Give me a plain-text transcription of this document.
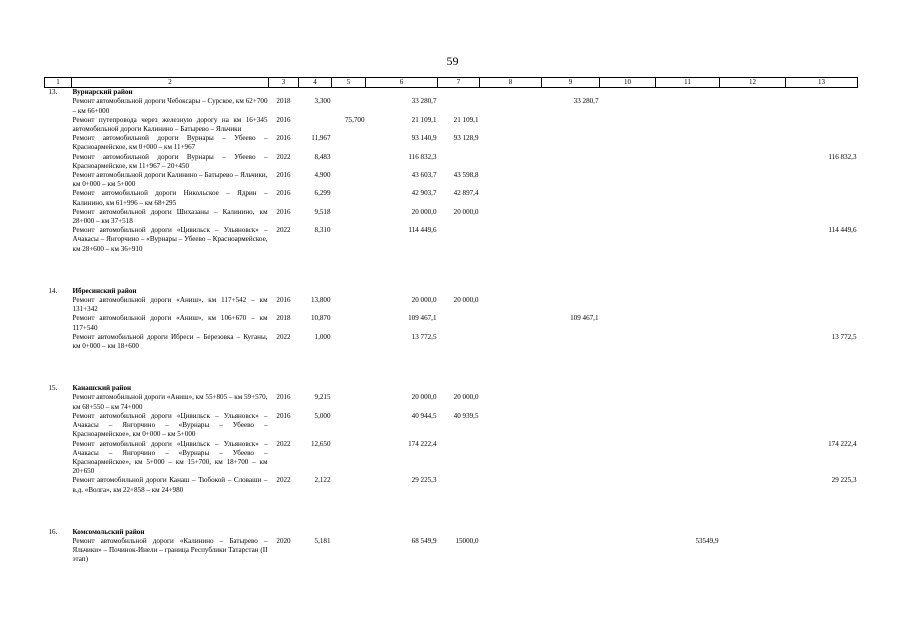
59
1	2	3	4	5	6	7	8	9	10	11	12	13
13.	Вурнарский район											
	Ремонт автомобильной дороги Чебоксары – Сурское, км 62+700 – км 66+000	2018	3,300		33 280,7			33 280,7				
	Ремонт путепровода через железную дорогу на км 16+345 автомобильной дороги Калинино – Батырево – Яльчики	2016		75,700	21 109,1	21 109,1						
	Ремонт автомобильной дороги Вурнары – Убеево – Красноармейское, км 0+000 – км 11+967	2016	11,967		93 140,9	93 128,9						
	Ремонт автомобильной дороги Вурнары – Убеево – Красноармейское, км 11+967 – 20+450	2022	8,483		116 832,3							116 832,3
	Ремонт автомобильной дороги Калинино – Батырево – Яльчики, км 0+000 – км 5+000	2016	4,900		43 603,7	43 598,8						
	Ремонт автомобильной дороги Никольское – Ядрин – Калинино, км 61+996 – км 68+295	2016	6,299		42 903,7	42 897,4						
	Ремонт автомобильной дороги Шихазаны – Калинино, км 28+000 – км 37+518	2016	9,518		20 000,0	20 000,0						
	Ремонт автомобильной дороги «Цивильск – Ульяновск» – Ачакасы – Янгорчино – «Вурнары – Убеево – Красноармейское, км 28+600 – км 36+910	2022	8,310		114 449,6							114 449,6

14.	Ибресинский район											
	Ремонт автомобильной дороги «Аниш», км 117+542 – км 131+342	2016	13,800		20 000,0	20 000,0						
	Ремонт автомобильной дороги «Аниш», км 106+670 – км 117+540	2018	10,870		109 467,1			109 467,1				
	Ремонт автомобильной дороги Ибреси – Березовка – Куганы, км 0+000 – км 18+600	2022	1,000		13 772,5							13 772,5

15.	Канашский район											
	Ремонт автомобильной дороги «Аниш», км 55+805 – км 59+570, км 68+550 – км 74+000	2016	9,215		20 000,0	20 000,0						
	Ремонт автомобильной дороги «Цивильск – Ульяновск» – Ачакасы – Янгорчино – «Вурнары – Убеево – Красноармейское», км 0+000 – км 5+000	2016	5,000		40 944,5	40 939,5						
	Ремонт автомобильной дороги «Цивильск – Ульяновск» – Ачакасы – Янгорчино – «Вурнары – Убеево – Красноармейское», км 5+000 – км 15+700, км 18+700 – км 20+650	2022	12,650		174 222,4							174 222,4
	Ремонт автомобильной дороги Канаш – Тюбокой – Словаши – в.д. «Волга», км 22+858 – км 24+980	2022	2,122		29 225,3							29 225,3

16.	Комсомольский район											
	Ремонт автомобильной дороги «Калинино – Батырево – Яльчики» – Починок-Инели – граница Республики Татарстан (II этап)	2020	5,181		68 549,9	15000,0				53549,9		
